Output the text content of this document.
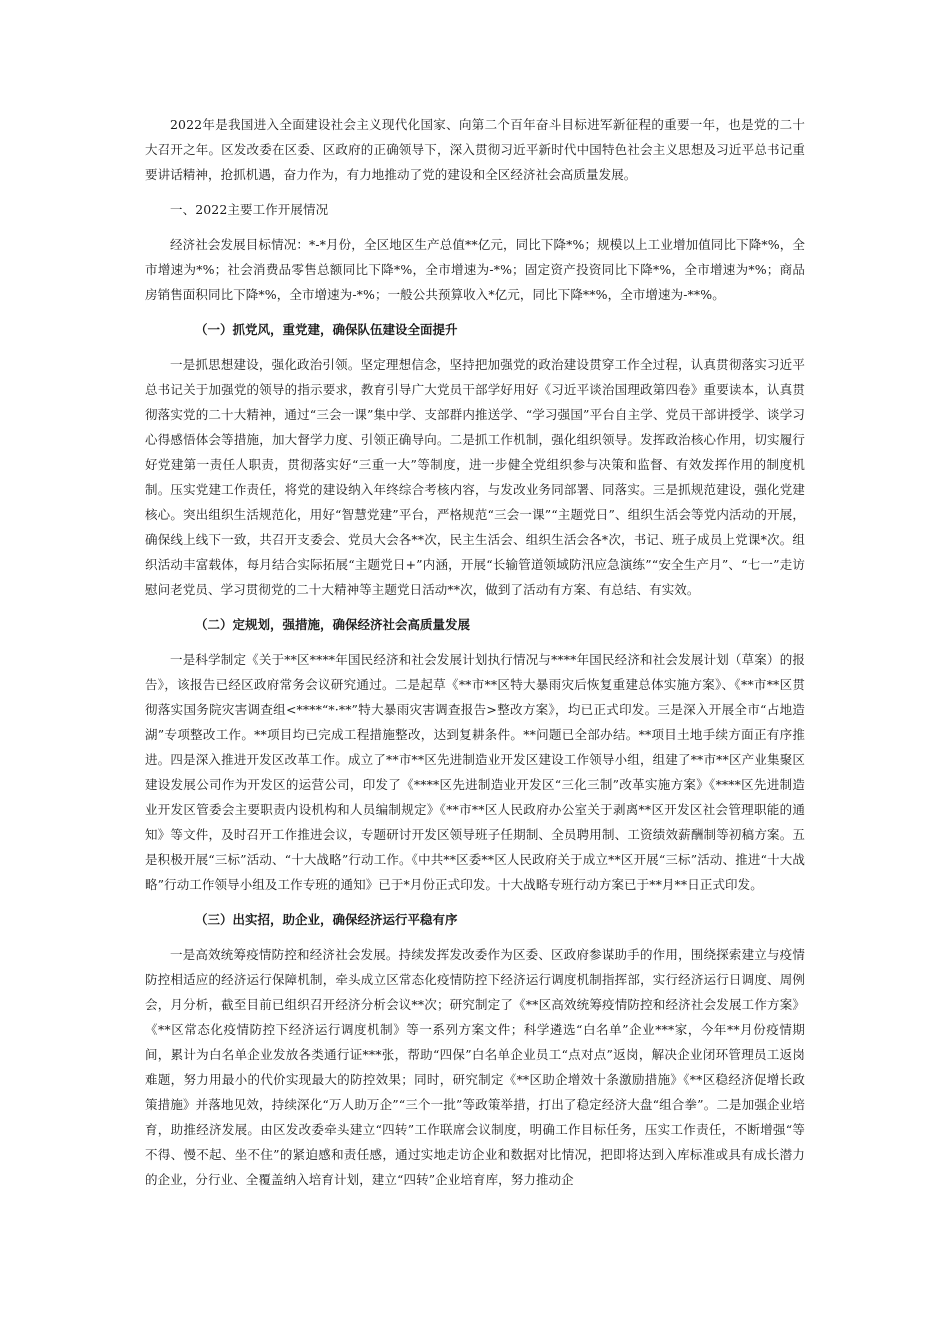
2022年是我国进入全面建设社会主义现代化国家、向第二个百年奋斗目标进军新征程的重要一年，也是党的二十大召开之年。区发改委在区委、区政府的正确领导下，深入贯彻习近平新时代中国特色社会主义思想及习近平总书记重要讲话精神，抢抓机遇，奋力作为，有力地推动了党的建设和全区经济社会高质量发展。

一、2022主要工作开展情况

经济社会发展目标情况：*-*月份，全区地区生产总值**亿元，同比下降*%；规模以上工业增加值同比下降*%，全市增速为*%；社会消费品零售总额同比下降*%，全市增速为-*%；固定资产投资同比下降*%，全市增速为*%；商品房销售面积同比下降*%，全市增速为-*%；一般公共预算收入*亿元，同比下降**%，全市增速为-**%。

（一）抓党风，重党建，确保队伍建设全面提升

一是抓思想建设，强化政治引领。坚定理想信念，坚持把加强党的政治建设贯穿工作全过程，认真贯彻落实习近平总书记关于加强党的领导的指示要求，教育引导广大党员干部学好用好《习近平谈治国理政第四卷》重要读本，认真贯彻落实党的二十大精神，通过“三会一课”集中学、支部群内推送学、“学习强国”平台自主学、党员干部讲授学、谈学习心得感悟体会等措施，加大督学力度、引领正确导向。二是抓工作机制，强化组织领导。发挥政治核心作用，切实履行好党建第一责任人职责，贯彻落实好“三重一大”等制度，进一步健全党组织参与决策和监督、有效发挥作用的制度机制。压实党建工作责任，将党的建设纳入年终综合考核内容，与发改业务同部署、同落实。三是抓规范建设，强化党建核心。突出组织生活规范化，用好“智慧党建”平台，严格规范“三会一课”“主题党日”、组织生活会等党内活动的开展，确保线上线下一致，共召开支委会、党员大会各**次，民主生活会、组织生活会各*次，书记、班子成员上党课*次。组织活动丰富载体，每月结合实际拓展“主题党日+”内涵，开展“长输管道领域防汛应急演练”“安全生产月”、“七一”走访慰问老党员、学习贯彻党的二十大精神等主题党日活动**次，做到了活动有方案、有总结、有实效。

（二）定规划，强措施，确保经济社会高质量发展

一是科学制定《关于**区****年国民经济和社会发展计划执行情况与****年国民经济和社会发展计划（草案）的报告》，该报告已经区政府常务会议研究通过。二是起草《**市**区特大暴雨灾后恢复重建总体实施方案》、《**市**区贯彻落实国务院灾害调查组<****“*·**”特大暴雨灾害调查报告>整改方案》，均已正式印发。三是深入开展全市“占地造湖”专项整改工作。**项目均已完成工程措施整改，达到复耕条件。**问题已全部办结。**项目土地手续方面正有序推进。四是深入推进开发区改革工作。成立了**市**区先进制造业开发区建设工作领导小组，组建了**市**区产业集聚区建设发展公司作为开发区的运营公司，印发了《****区先进制造业开发区“三化三制”改革实施方案》《****区先进制造业开发区管委会主要职责内设机构和人员编制规定》《**市**区人民政府办公室关于剥离**区开发区社会管理职能的通知》等文件，及时召开工作推进会议，专题研讨开发区领导班子任期制、全员聘用制、工资绩效薪酬制等初稿方案。五是积极开展“三标”活动、“十大战略”行动工作。《中共**区委**区人民政府关于成立**区开展“三标”活动、推进“十大战略”行动工作领导小组及工作专班的通知》已于*月份正式印发。十大战略专班行动方案已于**月**日正式印发。

（三）出实招，助企业，确保经济运行平稳有序

一是高效统筹疫情防控和经济社会发展。持续发挥发改委作为区委、区政府参谋助手的作用，围绕探索建立与疫情防控相适应的经济运行保障机制，牵头成立区常态化疫情防控下经济运行调度机制指挥部，实行经济运行日调度、周例会，月分析，截至目前已组织召开经济分析会议**次；研究制定了《**区高效统筹疫情防控和经济社会发展工作方案》《**区常态化疫情防控下经济运行调度机制》等一系列方案文件；科学遴选“白名单”企业***家，今年**月份疫情期间，累计为白名单企业发放各类通行证***张，帮助“四保”白名单企业员工“点对点”返岗，解决企业闭环管理员工返岗难题，努力用最小的代价实现最大的防控效果；同时，研究制定《**区助企增效十条激励措施》《**区稳经济促增长政策措施》并落地见效，持续深化“万人助万企”“三个一批”等政策举措，打出了稳定经济大盘“组合拳”。二是加强企业培育，助推经济发展。由区发改委牵头建立“四转”工作联席会议制度，明确工作目标任务，压实工作责任，不断增强“等不得、慢不起、坐不住”的紧迫感和责任感，通过实地走访企业和数据对比情况，把即将达到入库标准或具有成长潜力的企业，分行业、全覆盖纳入培育计划，建立“四转”企业培育库，努力推动企
